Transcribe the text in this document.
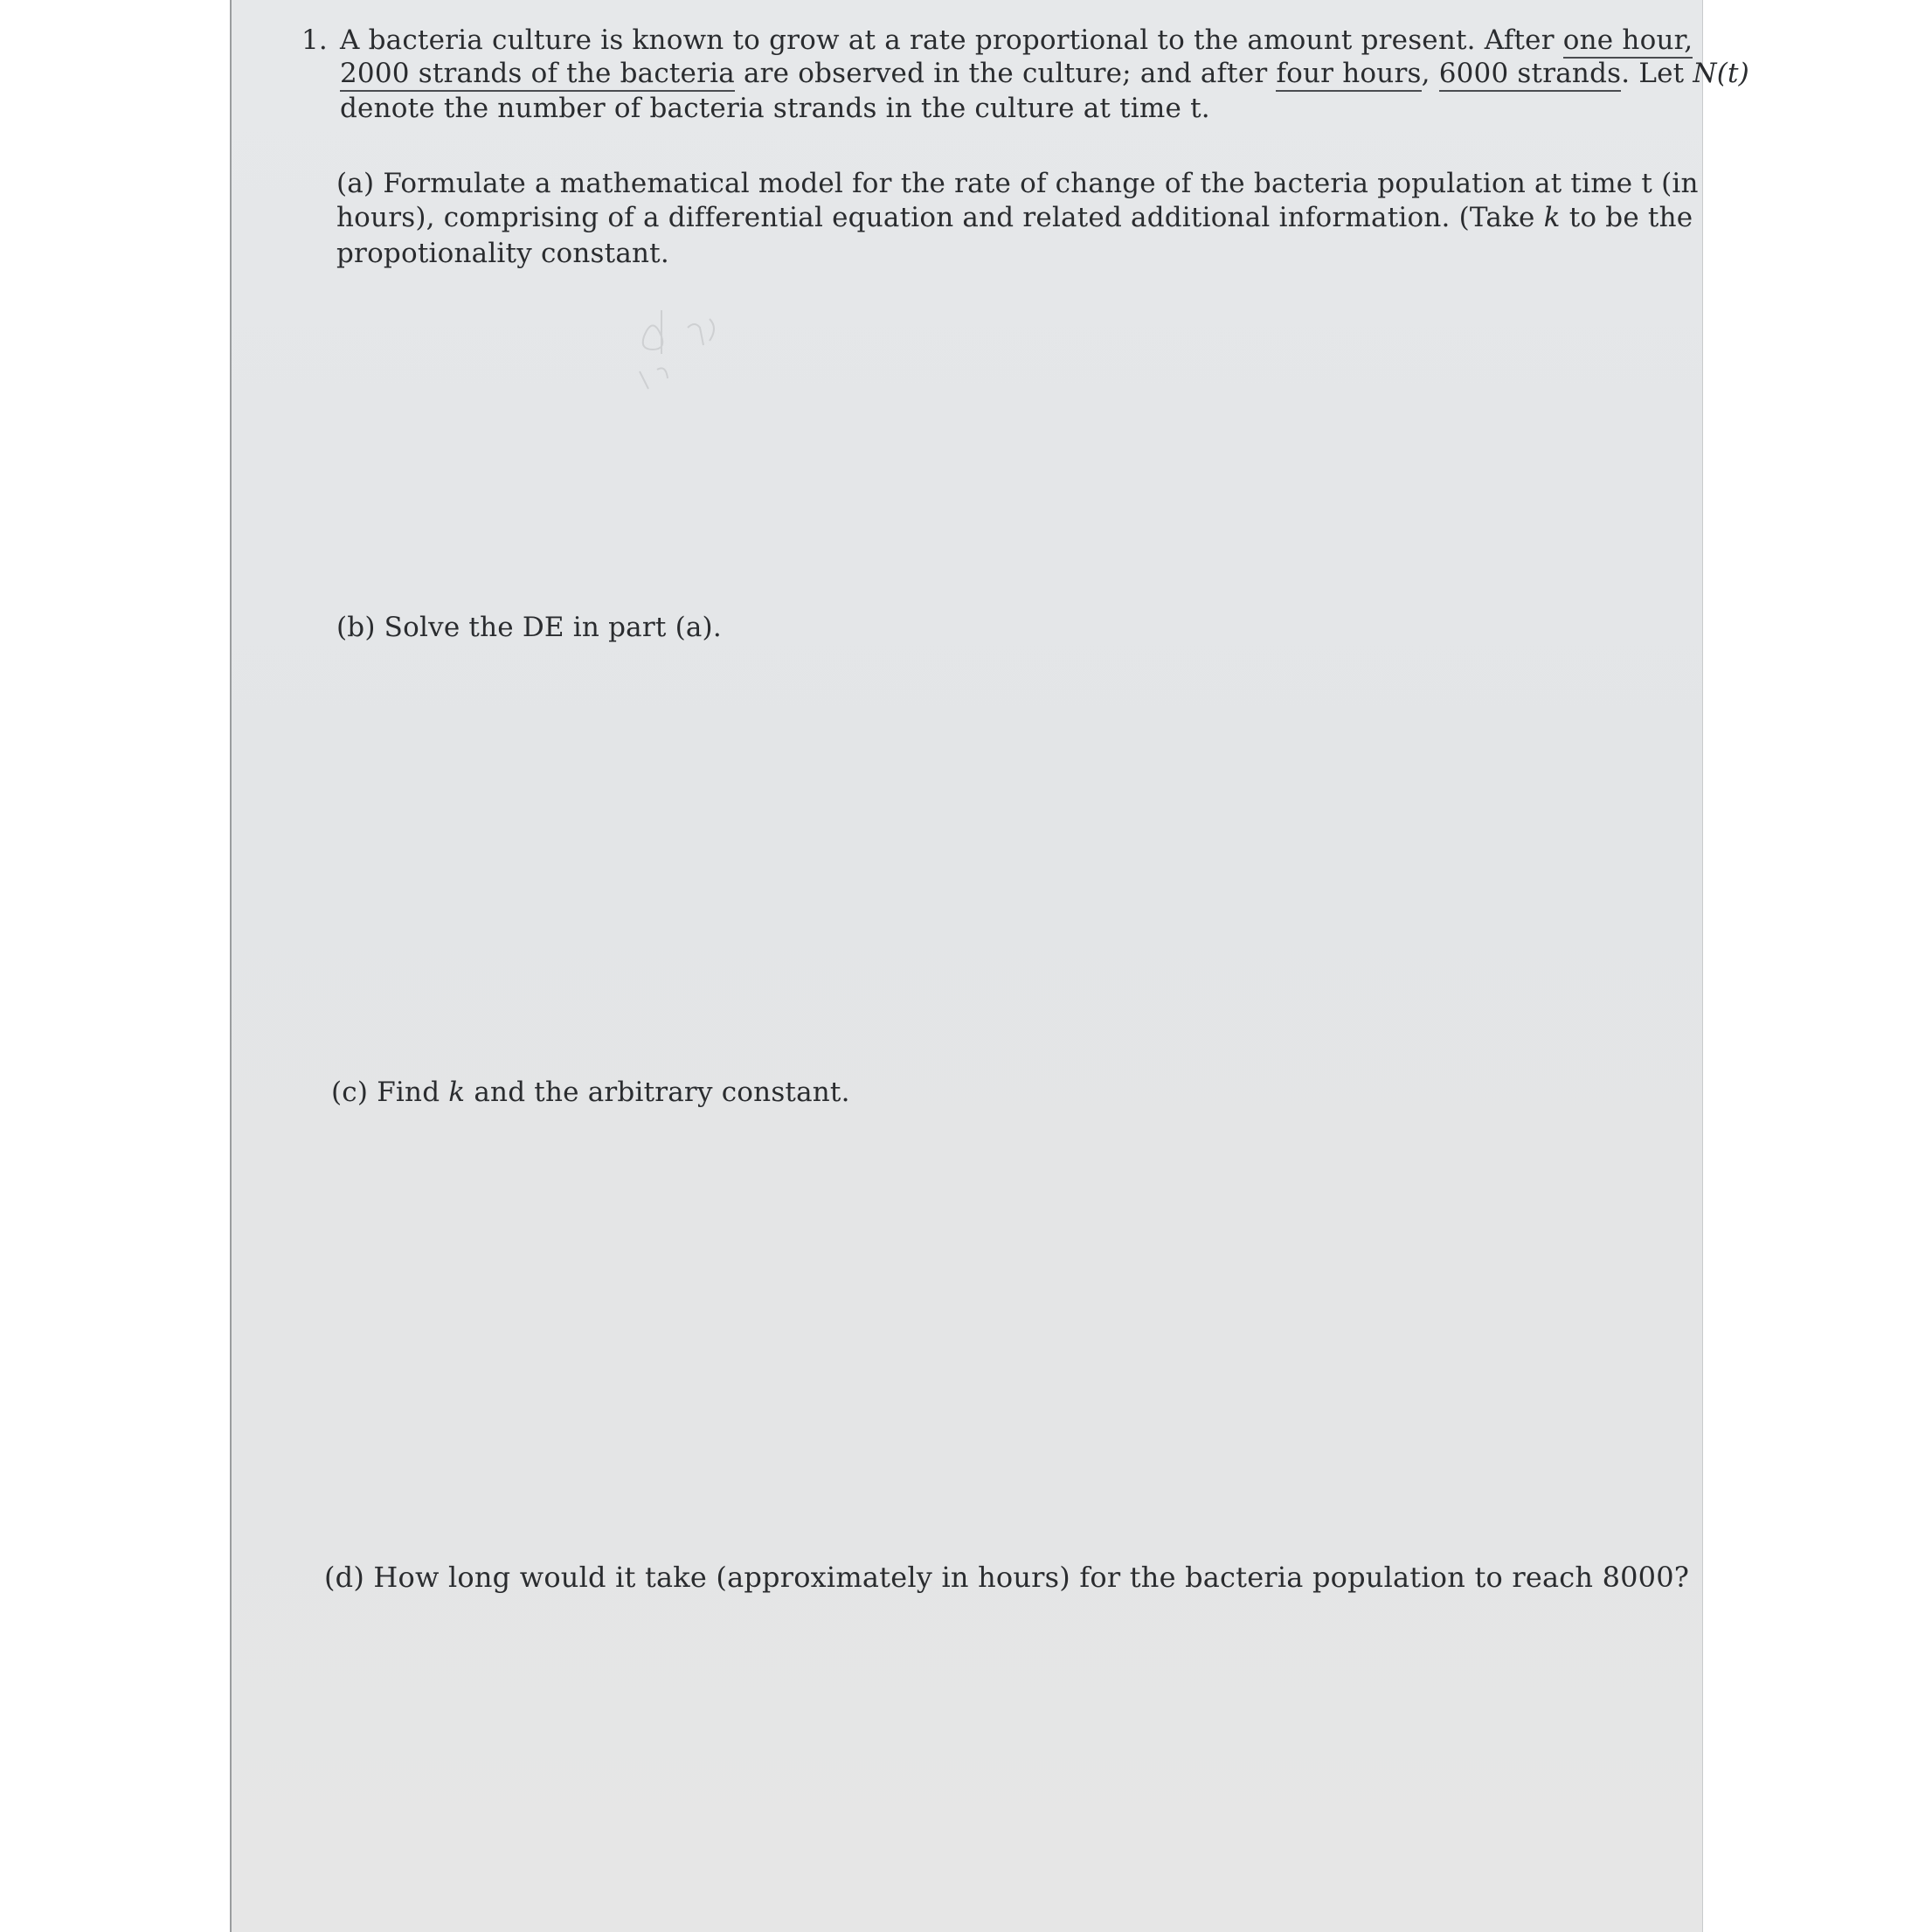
1. A bacteria culture is known to grow at a rate proportional to the amount present. After one hour,
2000 strands of the bacteria are observed in the culture; and after four hours, 6000 strands. Let N(t)
denote the number of bacteria strands in the culture at time t.
(a) Formulate a mathematical model for the rate of change of the bacteria population at time t (in
hours), comprising of a differential equation and related additional information. (Take k to be the
propotionality constant.
(b) Solve the DE in part (a).
(c) Find k and the arbitrary constant.
(d) How long would it take (approximately in hours) for the bacteria population to reach 8000?
